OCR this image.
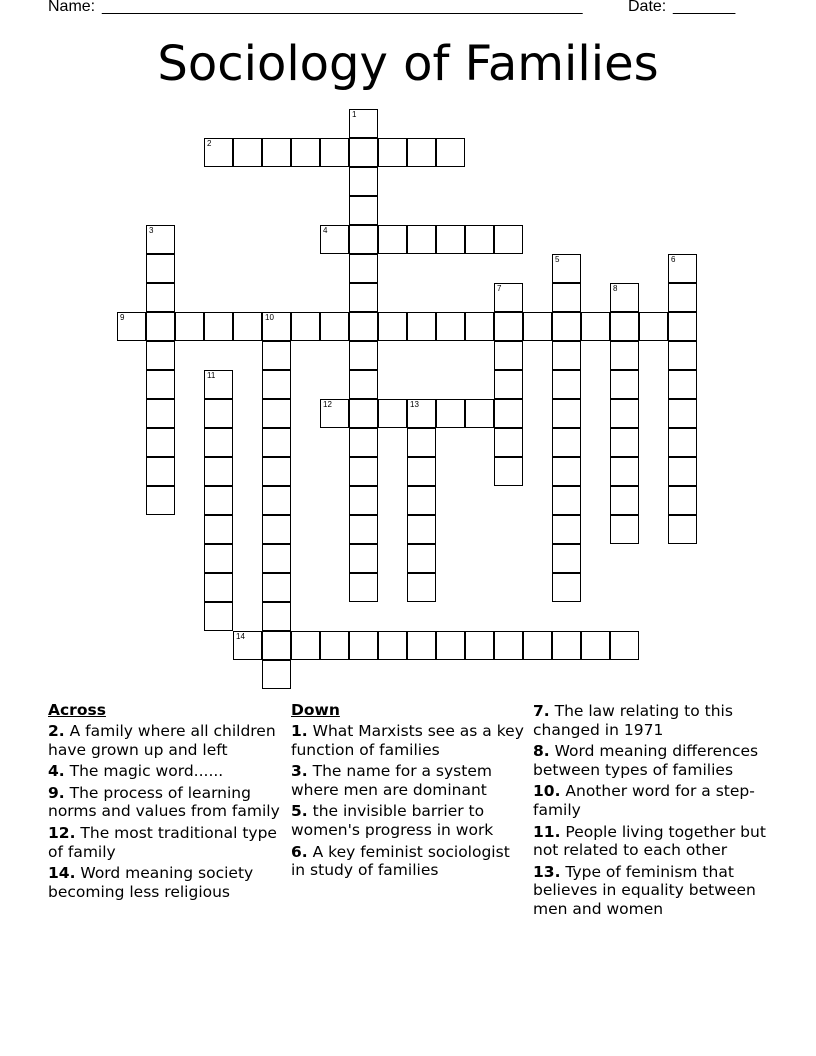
Name: ______________________________________________________	Date: _______
Sociology of Families
1
2
3	4
5	6
7	8
9	10
11
12	13
14
Across
2. A family where all children have grown up and left
4. The magic word......
9. The process of learning norms and values from family
12. The most traditional type of family
14. Word meaning society becoming less religious
Down
1. What Marxists see as a key function of families
3. The name for a system where men are dominant
5. the invisible barrier to women's progress in work
6. A key feminist sociologist in study of families
7. The law relating to this changed in 1971
8. Word meaning differences between types of families
10. Another word for a step-family
11. People living together but not related to each other
13. Type of feminism that believes in equality between men and women
